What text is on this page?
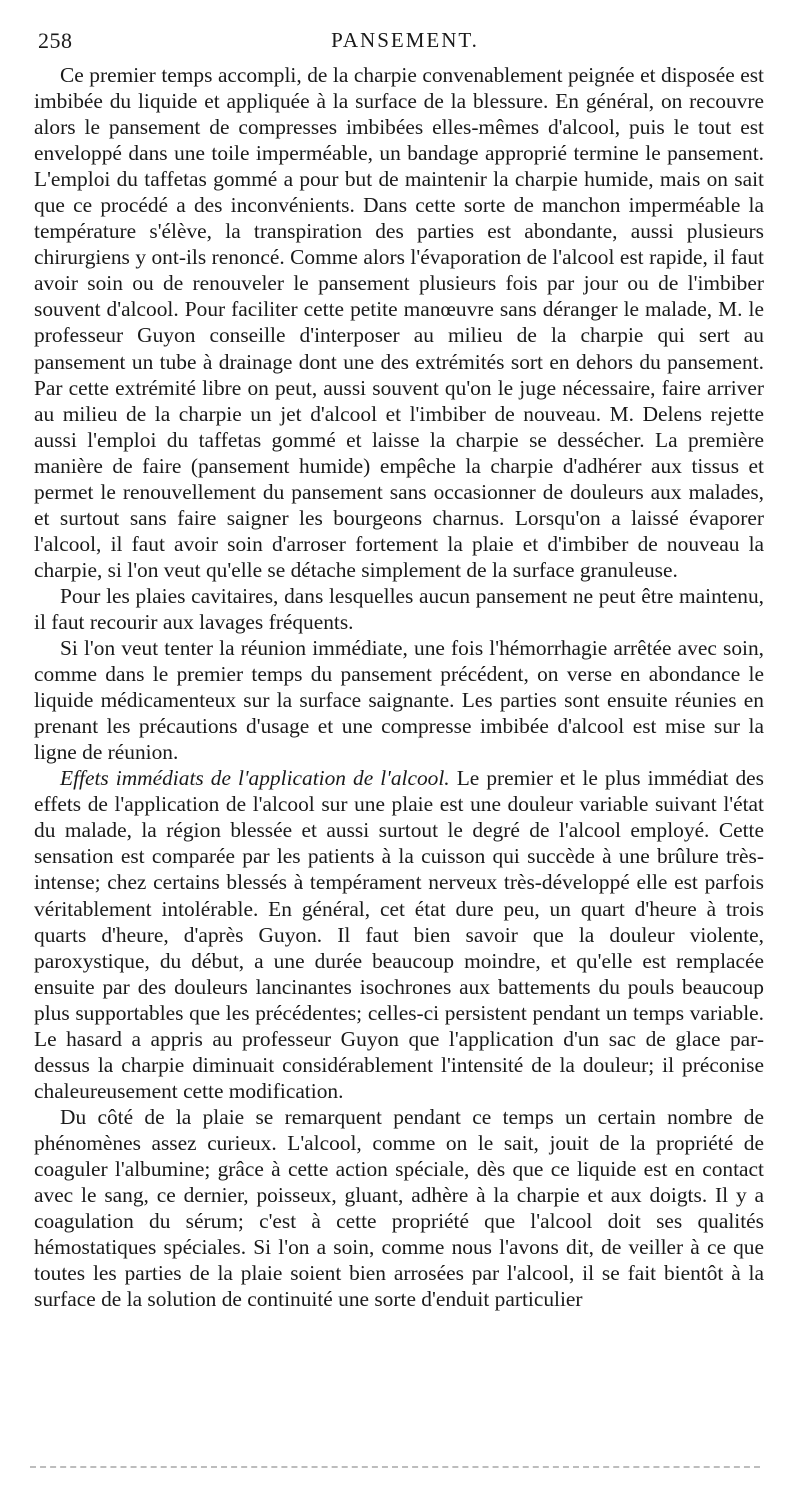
258	PANSEMENT.

Ce premier temps accompli, de la charpie convenablement peignée et disposée est imbibée du liquide et appliquée à la surface de la blessure. En général, on recouvre alors le pansement de compresses imbibées elles-mêmes d'alcool, puis le tout est enveloppé dans une toile imperméable, un bandage approprié termine le pansement. L'emploi du taffetas gommé a pour but de maintenir la charpie humide, mais on sait que ce procédé a des inconvénients. Dans cette sorte de manchon imperméable la température s'élève, la transpiration des parties est abondante, aussi plusieurs chirurgiens y ont-ils renoncé. Comme alors l'évaporation de l'alcool est rapide, il faut avoir soin ou de renouveler le pansement plusieurs fois par jour ou de l'imbiber souvent d'alcool. Pour faciliter cette petite manœuvre sans déranger le malade, M. le professeur Guyon conseille d'interposer au milieu de la charpie qui sert au pansement un tube à drainage dont une des extrémités sort en dehors du pansement. Par cette extrémité libre on peut, aussi souvent qu'on le juge nécessaire, faire arriver au milieu de la charpie un jet d'alcool et l'imbiber de nouveau. M. Delens rejette aussi l'emploi du taffetas gommé et laisse la charpie se dessécher. La première manière de faire (pansement humide) empêche la charpie d'adhérer aux tissus et permet le renouvellement du pansement sans occasionner de douleurs aux malades, et surtout sans faire saigner les bourgeons charnus. Lorsqu'on a laissé évaporer l'alcool, il faut avoir soin d'arroser fortement la plaie et d'imbiber de nouveau la charpie, si l'on veut qu'elle se détache simplement de la surface granuleuse.

Pour les plaies cavitaires, dans lesquelles aucun pansement ne peut être maintenu, il faut recourir aux lavages fréquents.

Si l'on veut tenter la réunion immédiate, une fois l'hémorrhagie arrêtée avec soin, comme dans le premier temps du pansement précédent, on verse en abondance le liquide médicamenteux sur la surface saignante. Les parties sont ensuite réunies en prenant les précautions d'usage et une compresse imbibée d'alcool est mise sur la ligne de réunion.

Effets immédiats de l'application de l'alcool. Le premier et le plus immédiat des effets de l'application de l'alcool sur une plaie est une douleur variable suivant l'état du malade, la région blessée et aussi surtout le degré de l'alcool employé. Cette sensation est comparée par les patients à la cuisson qui succède à une brûlure très-intense; chez certains blessés à tempérament nerveux très-développé elle est parfois véritablement intolérable. En général, cet état dure peu, un quart d'heure à trois quarts d'heure, d'après Guyon. Il faut bien savoir que la douleur violente, paroxystique, du début, a une durée beaucoup moindre, et qu'elle est remplacée ensuite par des douleurs lancinantes isochrones aux battements du pouls beaucoup plus supportables que les précédentes; celles-ci persistent pendant un temps variable. Le hasard a appris au professeur Guyon que l'application d'un sac de glace par-dessus la charpie diminuait considérablement l'intensité de la douleur; il préconise chaleureusement cette modification.

Du côté de la plaie se remarquent pendant ce temps un certain nombre de phénomènes assez curieux. L'alcool, comme on le sait, jouit de la propriété de coaguler l'albumine; grâce à cette action spéciale, dès que ce liquide est en contact avec le sang, ce dernier, poisseux, gluant, adhère à la charpie et aux doigts. Il y a coagulation du sérum; c'est à cette propriété que l'alcool doit ses qualités hémostatiques spéciales. Si l'on a soin, comme nous l'avons dit, de veiller à ce que toutes les parties de la plaie soient bien arrosées par l'alcool, il se fait bientôt à la surface de la solution de continuité une sorte d'enduit particulier
